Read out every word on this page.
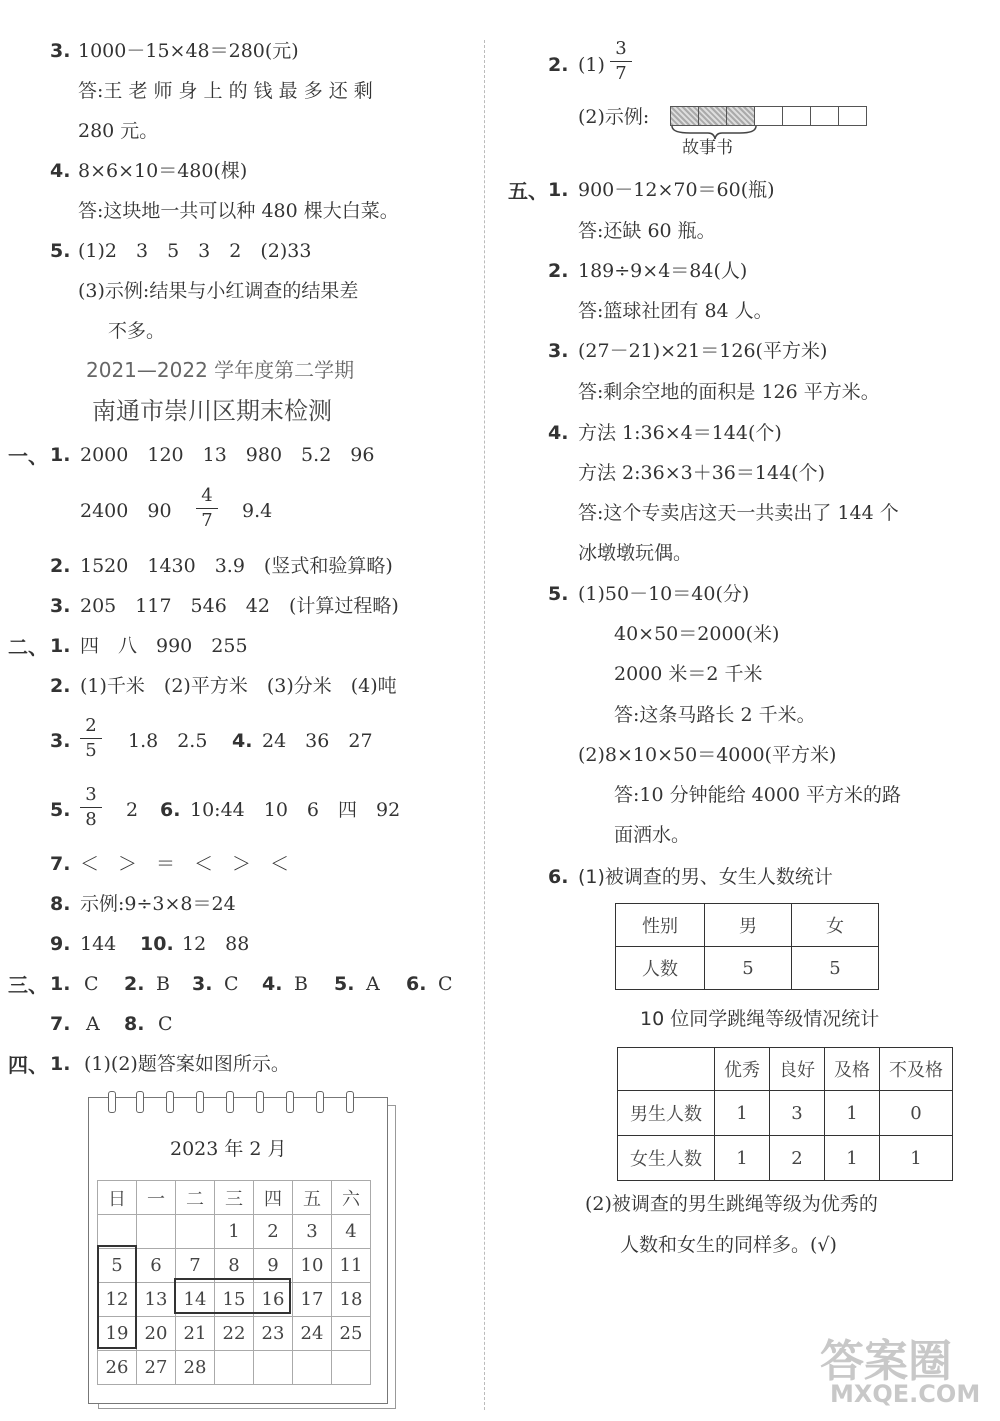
3. 1000－15×48＝280(元)
答:王 老 师 身 上 的 钱 最 多 还 剩
280 元。
4. 8×6×10＝480(棵)
答:这块地一共可以种 480 棵大白菜。
5. (1)2　3　5　3　2　(2)33
(3)示例:结果与小红调查的结果差
不多。
2021—2022 学年度第二学期
南通市崇川区期末检测
一、 1. 2000　120　13　980　5.2　96
2400　$90 \frac{4}{7} 9.4$
2. 1520　1430　3.9　(竖式和验算略)
3. 205　117　546　42　(计算过程略)
二、 1. 四　八　990　255
2. (1)千米　(2)平方米　(3)分米　(4)吨
3. $\frac{2}{5} 1.8$　2.5 4. 24　36　27
5. $\frac{3}{8} 2$ 6. 10:44　10　6　四　92
7. ＜　＞　＝　＜　＞　＜
8. 示例:9÷3×8＝24
9. 144 10. 12　88
三、 1. C 2. B 3. C 4. B 5. A 6. C
7. A 8. C
四、 1. (1)(2)题答案如图所示。
2023 年 2 月
日	一	二	三	四	五	六
			1	2	3	4
5	6	7	8	9	10	11
12	13	14	15	16	17	18
19	20	21	22	23	24	25
26	27	28				
2. $(1) \frac{3}{7}$
(2)示例:
故事书
五、 1. 900－12×70＝60(瓶)
答:还缺 60 瓶。
2. 189÷9×4＝84(人)
答:篮球社团有 84 人。
3. (27－21)×21＝126(平方米)
答:剩余空地的面积是 126 平方米。
4. 方法 1:36×4＝144(个)
方法 2:36×3＋36＝144(个)
答:这个专卖店这天一共卖出了 144 个
冰墩墩玩偶。
5. (1)50－10＝40(分)
40×50＝2000(米)
2000 米＝2 千米
答:这条马路长 2 千米。
(2)8×10×50＝4000(平方米)
答:10 分钟能给 4000 平方米的路
面洒水。
6. (1)被调查的男、女生人数统计
性别	男	女
人数	5	5
10 位同学跳绳等级情况统计
	优秀	良好	及格	不及格
男生人数	1	3	1	0
女生人数	1	2	1	1
(2)被调查的男生跳绳等级为优秀的
人数和女生的同样多。(√)
答案圈
MXQE.COM
